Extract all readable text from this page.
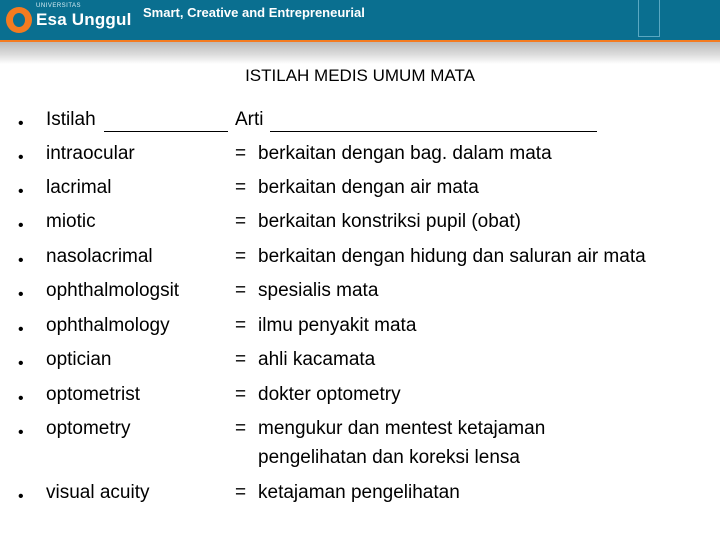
UNIVERSITAS
Esa Unggul Smart, Creative and Entrepreneurial
ISTILAH MEDIS UMUM MATA
• Istilah	Arti
• intraocular	= berkaitan dengan bag. dalam mata
• lacrimal	= berkaitan dengan air mata
• miotic	= berkaitan konstriksi pupil (obat)
• nasolacrimal	= berkaitan dengan hidung dan saluran air mata
• ophthalmologsit	= spesialis mata
• ophthalmology	= ilmu penyakit mata
• optician	= ahli kacamata
• optometrist	= dokter optometry
• optometry	= mengukur dan mentest ketajaman
pengelihatan dan koreksi lensa
• visual acuity	= ketajaman pengelihatan
